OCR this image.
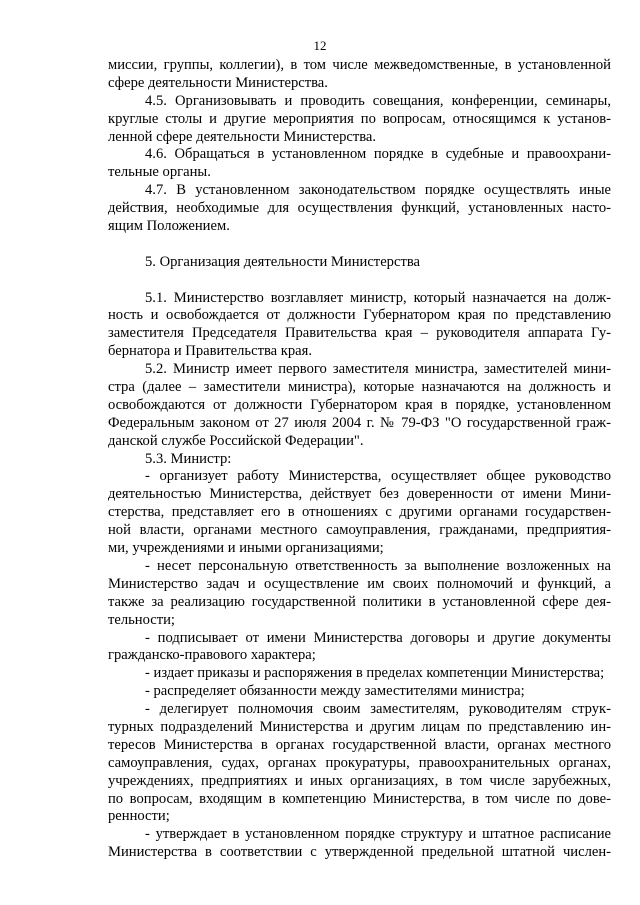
12
миссии, группы, коллегии), в том числе межведомственные, в установленной
сфере деятельности Министерства.
4.5. Организовывать и проводить совещания, конференции, семинары,
круглые столы и другие мероприятия по вопросам, относящимся к установ-
ленной сфере деятельности Министерства.
4.6. Обращаться в установленном порядке в судебные и правоохрани-
тельные органы.
4.7. В установленном законодательством порядке осуществлять иные
действия, необходимые для осуществления функций, установленных насто-
ящим Положением.
5. Организация деятельности Министерства
5.1. Министерство возглавляет министр, который назначается на долж-
ность и освобождается от должности Губернатором края по представлению
заместителя Председателя Правительства края – руководителя аппарата Гу-
бернатора и Правительства края.
5.2. Министр имеет первого заместителя министра, заместителей мини-
стра (далее – заместители министра), которые назначаются на должность и
освобождаются от должности Губернатором края в порядке, установленном
Федеральным законом от 27 июля 2004 г. № 79-ФЗ "О государственной граж-
данской службе Российской Федерации".
5.3. Министр:
- организует работу Министерства, осуществляет общее руководство
деятельностью Министерства, действует без доверенности от имени Мини-
стерства, представляет его в отношениях с другими органами государствен-
ной власти, органами местного самоуправления, гражданами, предприятия-
ми, учреждениями и иными организациями;
- несет персональную ответственность за выполнение возложенных на
Министерство задач и осуществление им своих полномочий и функций, а
также за реализацию государственной политики в установленной сфере дея-
тельности;
- подписывает от имени Министерства договоры и другие документы
гражданско-правового характера;
- издает приказы и распоряжения в пределах компетенции Министерства;
- распределяет обязанности между заместителями министра;
- делегирует полномочия своим заместителям, руководителям струк-
турных подразделений Министерства и другим лицам по представлению ин-
тересов Министерства в органах государственной власти, органах местного
самоуправления, судах, органах прокуратуры, правоохранительных органах,
учреждениях, предприятиях и иных организациях, в том числе зарубежных,
по вопросам, входящим в компетенцию Министерства, в том числе по дове-
ренности;
- утверждает в установленном порядке структуру и штатное расписание
Министерства в соответствии с утвержденной предельной штатной числен-
